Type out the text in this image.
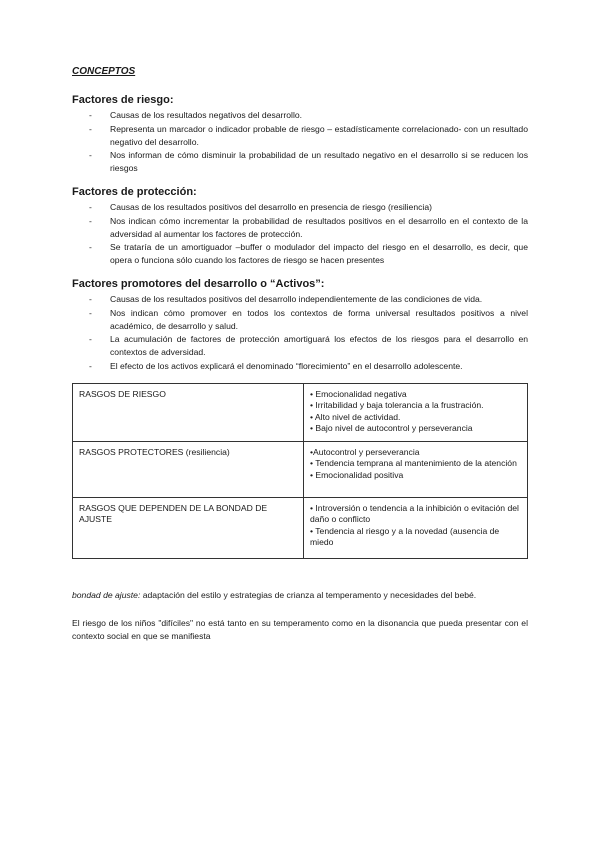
CONCEPTOS
Factores de riesgo:
- Causas de los resultados negativos del desarrollo.
- Representa un marcador o indicador probable de riesgo – estadísticamente correlacionado- con un resultado negativo del desarrollo.
- Nos informan de cómo disminuir la probabilidad de un resultado negativo en el desarrollo si se reducen los riesgos
Factores de protección:
- Causas de los resultados positivos del desarrollo en presencia de riesgo (resiliencia)
- Nos indican cómo incrementar la probabilidad de resultados positivos en el desarrollo en el contexto de la adversidad al aumentar los factores de protección.
- Se trataría de un amortiguador –buffer o modulador del impacto del riesgo en el desarrollo, es decir, que opera o funciona sólo cuando los factores de riesgo se hacen presentes
Factores promotores del desarrollo o “Activos”:
- Causas de los resultados positivos del desarrollo independientemente de las condiciones de vida.
- Nos indican cómo promover en todos los contextos de forma universal resultados positivos a nivel académico, de desarrollo y salud.
- La acumulación de factores de protección amortiguará los efectos de los riesgos para el desarrollo en contextos de adversidad.
- El efecto de los activos explicará el denominado “florecimiento” en el desarrollo adolescente.
RASGOS DE RIESGO	• Emocionalidad negativa
• Irritabilidad y baja tolerancia a la frustración.
• Alto nivel de actividad.
• Bajo nivel de autocontrol y perseverancia

RASGOS PROTECTORES (resiliencia)	•Autocontrol y perseverancia
• Tendencia temprana al mantenimiento de la atención
• Emocionalidad positiva

RASGOS QUE DEPENDEN DE LA BONDAD DE AJUSTE	• Introversión o tendencia a la inhibición o evitación del daño o conflicto
• Tendencia al riesgo y a la novedad (ausencia de miedo

bondad de ajuste: adaptación del estilo y estrategias de crianza al temperamento y necesidades del bebé.

El riesgo de los niños "difíciles" no está tanto en su temperamento como en la disonancia que pueda presentar con el contexto social en que se manifiesta
